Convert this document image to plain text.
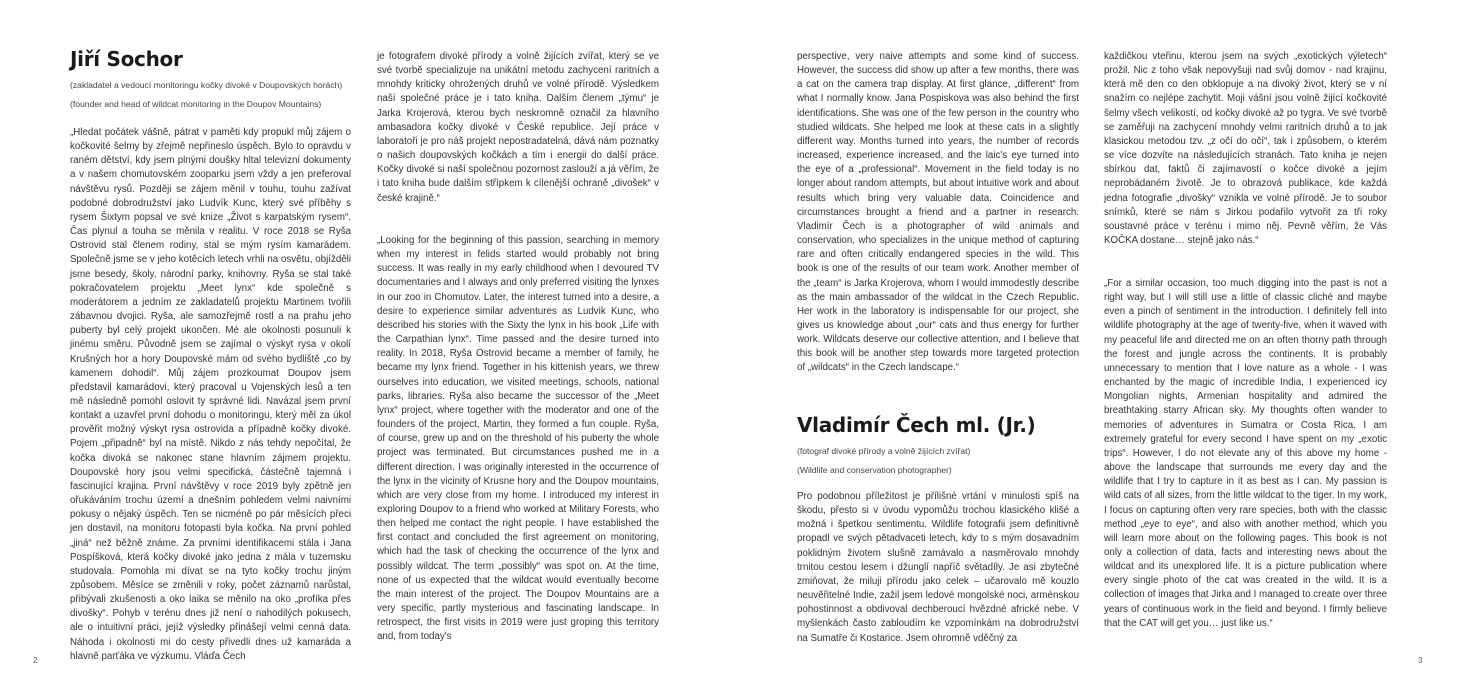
Jiří Sochor

(zakladatel a vedoucí monitoringu kočky divoké v Doupovských horách)

(founder and head of wildcat monitoring in the Doupov Mountains)

„Hledat počátek vášně, pátrat v paměti kdy propukl můj zájem o kočkovité šelmy by zřejmě nepřineslo úspěch. Bylo to opravdu v raném dětství, kdy jsem plnými doušky hltal televizní dokumenty a v našem chomutovském zooparku jsem vždy a jen preferoval návštěvu rysů. Později se zájem měnil v touhu, touhu zažívat podobné dobrodružství jako Ludvík Kunc, který své příběhy s rysem Šixtym popsal ve své knize „Život s karpatským rysem“. Čas plynul a touha se měnila v realitu. V roce 2018 se Ryša Ostrovid stal členem rodiny, stal se mým rysím kamarádem. Společně jsme se v jeho kotěcích letech vrhli na osvětu, objížděli jsme besedy, školy, národní parky, knihovny. Ryša se stal také pokračovatelem projektu „Meet lynx“ kde společně s moderátorem a jedním ze zakladatelů projektu Martinem tvořili zábavnou dvojici. Ryša, ale samozřejmě rostl a na prahu jeho puberty byl celý projekt ukončen. Mé ale okolnosti posunuli k jinému směru. Původně jsem se zajímal o výskyt rysa v okolí Krušných hor a hory Doupovské mám od svého bydliště „co by kamenem dohodil“. Můj zájem prozkoumat Doupov jsem představil kamarádovi, který pracoval u Vojenských lesů a ten mě následně pomohl oslovit ty správné lidi. Navázal jsem první kontakt a uzavřel první dohodu o monitoringu, který měl za úkol prověřit možný výskyt rysa ostrovida a případně kočky divoké. Pojem „připadně“ byl na místě. Nikdo z nás tehdy nepočítal, že kočka divoká se nakonec stane hlavním zájmem projektu. Doupovské hory jsou velmi specifická, částečně tajemná i fascinující krajina. První návštěvy v roce 2019 byly zpětně jen ořukáváním trochu území a dnešním pohledem velmi naivními pokusy o nějaký úspěch. Ten se nicméně po pár měsících přeci jen dostavil, na monitoru fotopasti byla kočka. Na první pohled „jiná“ než běžně známe. Za prvními identifikacemi stála i Jana Pospíšková, která kočky divoké jako jedna z mála v tuzemsku studovala. Pomohla mi dívat se na tyto kočky trochu jiným způsobem. Měsíce se změnili v roky, počet záznamů narůstal, přibývali zkušenosti a oko laika se měnilo na oko „profíka přes divošky“. Pohyb v terénu dnes již není o nahodilých pokusech, ale o intuitivní práci, jejíž výsledky přinášejí velmi cenná data. Náhoda i okolnosti mi do cesty přivedli dnes už kamaráda a hlavně parťáka ve výzkumu. Vláďa Čech

je fotografem divoké přírody a volně žijících zvířat, který se ve své tvorbě specializuje na unikátní metodu zachycení raritních a mnohdy kriticky ohrožených druhů ve volné přírodě. Výsledkem naší společné práce je i tato kniha. Dalším členem „týmu“ je Jarka Krojerová, kterou bych neskromně označil za hlavního ambasadora kočky divoké v České republice. Její práce v laboratoři je pro náš projekt nepostradatelná, dává nám poznatky o našich doupovských kočkách a tím i energii do další práce. Kočky divoké si naší společnou pozornost zaslouží a já věřím, že i tato kniha bude dalším střípkem k cílenější ochraně „divošek“ v české krajině.“

„Looking for the beginning of this passion, searching in memory when my interest in felids started would probably not bring success. It was really in my early childhood when I devoured TV documentaries and I always and only preferred visiting the lynxes in our zoo in Chomutov. Later, the interest turned into a desire, a desire to experience similar adventures as Ludvik Kunc, who described his stories with the Sixty the lynx in his book „Life with the Carpathian lynx“. Time passed and the desire turned into reality. In 2018, Ryša Ostrovid became a member of family, he became my lynx friend. Together in his kittenish years, we threw ourselves into education, we visited meetings, schools, national parks, libraries. Ryša also became the successor of the „Meet lynx“ project, where together with the moderator and one of the founders of the project, Martin, they formed a fun couple. Ryša, of course, grew up and on the threshold of his puberty the whole project was terminated. But circumstances pushed me in a different direction. I was originally interested in the occurrence of the lynx in the vicinity of Krusne hory and the Doupov mountains, which are very close from my home. I introduced my interest in exploring Doupov to a friend who worked at Military Forests, who then helped me contact the right people. I have established the first contact and concluded the first agreement on monitoring, which had the task of checking the occurrence of the lynx and possibly wildcat. The term „possibly“ was spot on. At the time, none of us expected that the wildcat would eventually become the main interest of the project. The Doupov Mountains are a very specific, partly mysterious and fascinating landscape. In retrospect, the first visits in 2019 were just groping this territory and, from today's

2

perspective, very naive attempts and some kind of success. However, the success did show up after a few months, there was a cat on the camera trap display. At first glance, „different“ from what I normally know. Jana Pospiskova was also behind the first identifications. She was one of the few person in the country who studied wildcats. She helped me look at these cats in a slightly different way. Months turned into years, the number of records increased, experience increased, and the laic's eye turned into the eye of a „professional“. Movement in the field today is no longer about random attempts, but about intuitive work and about results which bring very valuable data. Coincidence and circumstances brought a friend and a partner in research. Vladimír Čech is a photographer of wild animals and conservation, who specializes in the unique method of capturing rare and often critically endangered species in the wild. This book is one of the results of our team work. Another member of the „team“ is Jarka Krojerova, whom I would immodestly describe as the main ambassador of the wildcat in the Czech Republic. Her work in the laboratory is indispensable for our project, she gives us knowledge about „our“ cats and thus energy for further work. Wildcats deserve our collective attention, and I believe that this book will be another step towards more targeted protection of „wildcats“ in the Czech landscape.“

Vladimír Čech ml. (Jr.)

(fotograf divoké přírody a volně žijících zvířat)

(Wildlife and conservation photographer)

Pro podobnou příležitost je přílišné vrtání v minulosti spíš na škodu, přesto si v úvodu vypomůžu trochou klasického klišé a možná i špetkou sentimentu. Wildlife fotografii jsem definitivně propadl ve svých pětadvaceti letech, kdy to s mým dosavadním poklidným životem slušně zamávalo a nasměrovalo mnohdy trnitou cestou lesem i džunglí napříč světadíly. Je asi zbytečné zmiňovat, že miluji přírodu jako celek – učarovalo mě kouzlo neuvěřitelné Indie, zažil jsem ledové mongolské noci, arménskou pohostinnost a obdivoval dechberoucí hvězdné africké nebe. V myšlenkách často zabloudím ke vzpomínkám na dobrodružství na Sumatře či Kostarice. Jsem ohromně vděčný za

každičkou vteřinu, kterou jsem na svých „exotických výletech“ prožil. Nic z toho však nepovyšuji nad svůj domov - nad krajinu, která mě den co den obklopuje a na divoký život, který se v ní snažím co nejlépe zachytit. Moji vášní jsou volně žijící kočkovité šelmy všech velikostí, od kočky divoké až po tygra. Ve své tvorbě se zaměřuji na zachycení mnohdy velmi raritních druhů a to jak klasickou metodou tzv. „z očí do očí“, tak i způsobem, o kterém se více dozvíte na následujících stranách. Tato kniha je nejen sbírkou dat, faktů či zajímavostí o kočce divoké a jejím neprobádaném životě. Je to obrazová publikace, kde každá jedna fotografie „divošky“ vznikla ve volné přírodě. Je to soubor snímků, které se nám s Jirkou podařilo vytvořit za tři roky soustavné práce v terénu i mimo něj. Pevně věřím, že Vás KOČKA dostane… stejně jako nás.“

„For a similar occasion, too much digging into the past is not a right way, but I will still use a little of classic cliché and maybe even a pinch of sentiment in the introduction. I definitely fell into wildlife photography at the age of twenty-five, when it waved with my peaceful life and directed me on an often thorny path through the forest and jungle across the continents. It is probably unnecessary to mention that I love nature as a whole - I was enchanted by the magic of incredible India, I experienced icy Mongolian nights, Armenian hospitality and admired the breathtaking starry African sky. My thoughts often wander to memories of adventures in Sumatra or Costa Rica. I am extremely grateful for every second I have spent on my „exotic trips“. However, I do not elevate any of this above my home - above the landscape that surrounds me every day and the wildlife that I try to capture in it as best as I can. My passion is wild cats of all sizes, from the little wildcat to the tiger. In my work, I focus on capturing often very rare species, both with the classic method „eye to eye“, and also with another method, which you will learn more about on the following pages. This book is not only a collection of data, facts and interesting news about the wildcat and its unexplored life. It is a picture publication where every single photo of the cat was created in the wild. It is a collection of images that Jirka and I managed to create over three years of continuous work in the field and beyond. I firmly believe that the CAT will get you… just like us.“

3
